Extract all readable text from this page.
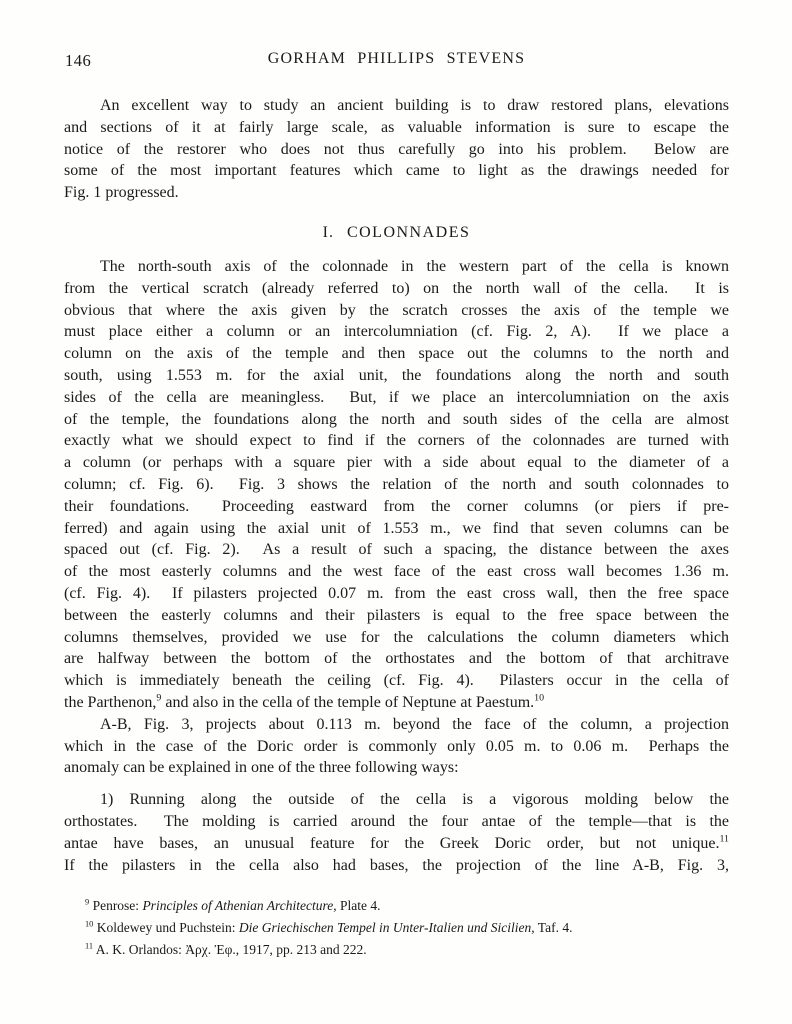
146	GORHAM PHILLIPS STEVENS
An excellent way to study an ancient building is to draw restored plans, elevations
and sections of it at fairly large scale, as valuable information is sure to escape the
notice of the restorer who does not thus carefully go into his problem.  Below are
some of the most important features which came to light as the drawings needed for
Fig. 1 progressed.
I. COLONNADES
The north-south axis of the colonnade in the western part of the cella is known
from the vertical scratch (already referred to) on the north wall of the cella.  It is
obvious that where the axis given by the scratch crosses the axis of the temple we
must place either a column or an intercolumniation (cf. Fig. 2, A).  If we place a
column on the axis of the temple and then space out the columns to the north and
south, using 1.553 m. for the axial unit, the foundations along the north and south
sides of the cella are meaningless.  But, if we place an intercolumniation on the axis
of the temple, the foundations along the north and south sides of the cella are almost
exactly what we should expect to find if the corners of the colonnades are turned with
a column (or perhaps with a square pier with a side about equal to the diameter of a
column; cf. Fig. 6).  Fig. 3 shows the relation of the north and south colonnades to
their foundations.  Proceeding eastward from the corner columns (or piers if pre-
ferred) and again using the axial unit of 1.553 m., we find that seven columns can be
spaced out (cf. Fig. 2).  As a result of such a spacing, the distance between the axes
of the most easterly columns and the west face of the east cross wall becomes 1.36 m.
(cf. Fig. 4).  If pilasters projected 0.07 m. from the east cross wall, then the free space
between the easterly columns and their pilasters is equal to the free space between the
columns themselves, provided we use for the calculations the column diameters which
are halfway between the bottom of the orthostates and the bottom of that architrave
which is immediately beneath the ceiling (cf. Fig. 4).  Pilasters occur in the cella of
the Parthenon,$^9$ and also in the cella of the temple of Neptune at Paestum.$^{10}$
A-B, Fig. 3, projects about 0.113 m. beyond the face of the column, a projection
which in the case of the Doric order is commonly only 0.05 m. to 0.06 m.  Perhaps the
anomaly can be explained in one of the three following ways:
1) Running along the outside of the cella is a vigorous molding below the
orthostates.  The molding is carried around the four antae of the temple—that is the
antae have bases, an unusual feature for the Greek Doric order, but not unique.$^{11}$
If the pilasters in the cella also had bases, the projection of the line A-B, Fig. 3,
$^9$ Penrose: Principles of Athenian Architecture, Plate 4.
$^{10}$ Koldewey und Puchstein: Die Griechischen Tempel in Unter-Italien und Sicilien, Taf. 4.
$^{11}$ A. K. Orlandos: Ἀρχ. Ἐφ., 1917, pp. 213 and 222.
